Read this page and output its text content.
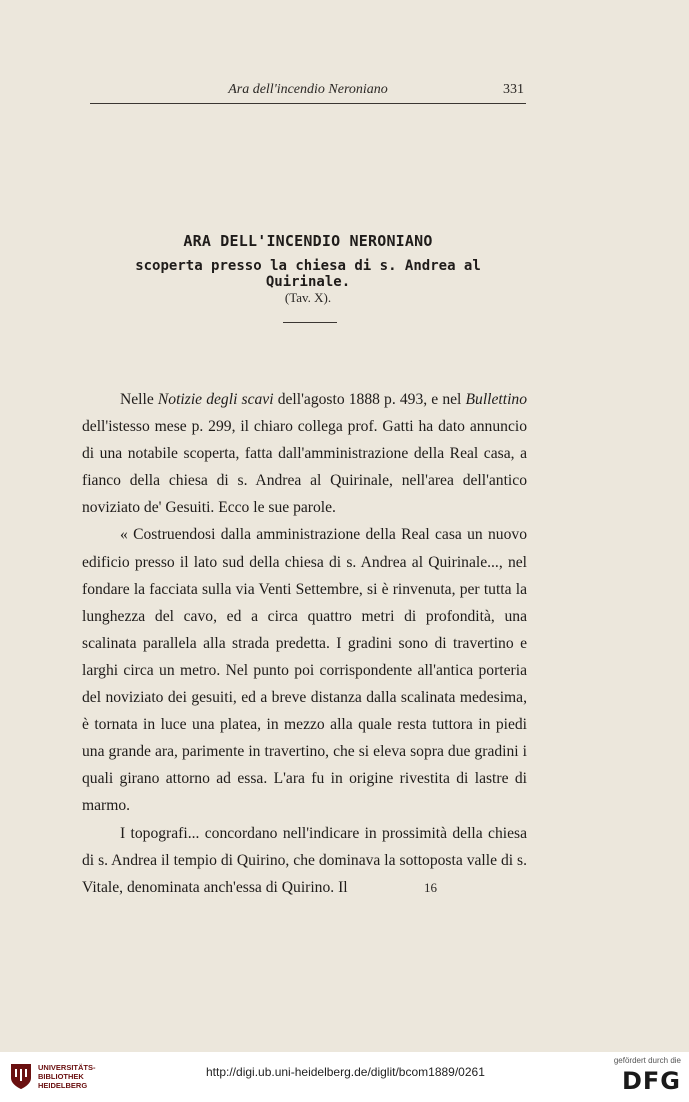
Ara dell'incendio Neroniano	331
ARA DELL'INCENDIO NERONIANO
scoperta presso la chiesa di s. Andrea al Quirinale.
(Tav. X).

Nelle Notizie degli scavi dell'agosto 1888 p. 493, e nel Bullettino dell'istesso mese p. 299, il chiaro collega prof. Gatti ha dato annuncio di una notabile scoperta, fatta dall'amministrazione della Real casa, a fianco della chiesa di s. Andrea al Quirinale, nell'area dell'antico noviziato de' Gesuiti. Ecco le sue parole.

« Costruendosi dalla amministrazione della Real casa un nuovo edificio presso il lato sud della chiesa di s. Andrea al Quirinale..., nel fondare la facciata sulla via Venti Settembre, si è rinvenuta, per tutta la lunghezza del cavo, ed a circa quattro metri di profondità, una scalinata parallela alla strada predetta. I gradini sono di travertino e larghi circa un metro. Nel punto poi corrispondente all'antica porteria del noviziato dei gesuiti, ed a breve distanza dalla scalinata medesima, è tornata in luce una platea, in mezzo alla quale resta tuttora in piedi una grande ara, parimente in travertino, che si eleva sopra due gradini i quali girano attorno ad essa. L'ara fu in origine rivestita di lastre di marmo.

I topografi... concordano nell'indicare in prossimità della chiesa di s. Andrea il tempio di Quirino, che dominava la sottoposta valle di s. Vitale, denominata anch'essa di Quirino. Il	16
UNIVERSITÄTS-
BIBLIOTHEK
HEIDELBERG
http://digi.ub.uni-heidelberg.de/diglit/bcom1889/0261
gefördert durch die
DFG
